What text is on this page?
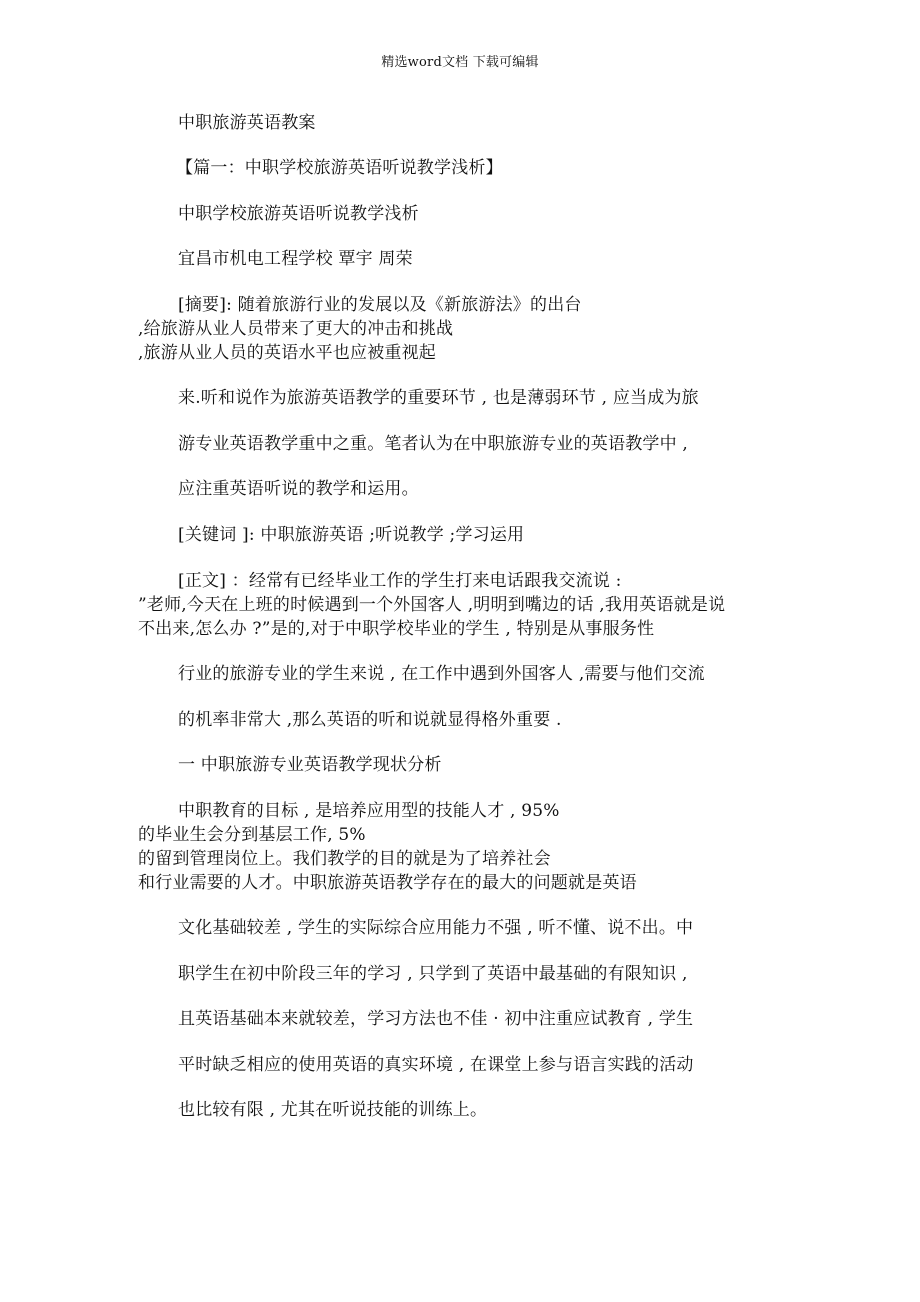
精选word文档 下载可编辑
中职旅游英语教案
【篇一：中职学校旅游英语听说教学浅析】
中职学校旅游英语听说教学浅析
宜昌市机电工程学校 覃宇 周荣
[摘要]: 随着旅游行业的发展以及《新旅游法》的出台
,给旅游从业人员带来了更大的冲击和挑战
,旅游从业人员的英语水平也应被重视起
来.听和说作为旅游英语教学的重要环节 , 也是薄弱环节 , 应当成为旅
游专业英语教学重中之重。笔者认为在中职旅游专业的英语教学中 ,
应注重英语听说的教学和运用。
[关键词 ]: 中职旅游英语 ;听说教学 ;学习运用
[正文] ：经常有已经毕业工作的学生打来电话跟我交流说 :
”老师,今天在上班的时候遇到一个外国客人 ,明明到嘴边的话 ,我用英语就是说
不出来,怎么办 ?”是的,对于中职学校毕业的学生 , 特别是从事服务性
行业的旅游专业的学生来说 , 在工作中遇到外国客人 ,需要与他们交流
的机率非常大 ,那么英语的听和说就显得格外重要 .
一 中职旅游专业英语教学现状分析
中职教育的目标 , 是培养应用型的技能人才 , 95%
的毕业生会分到基层工作, 5%
的留到管理岗位上。我们教学的目的就是为了培养社会
和行业需要的人才。中职旅游英语教学存在的最大的问题就是英语
文化基础较差 , 学生的实际综合应用能力不强 , 听不懂、说不出。中
职学生在初中阶段三年的学习 , 只学到了英语中最基础的有限知识 ,
且英语基础本来就较差，学习方法也不佳 · 初中注重应试教育 , 学生
平时缺乏相应的使用英语的真实环境 , 在课堂上参与语言实践的活动
也比较有限 , 尤其在听说技能的训练上。
